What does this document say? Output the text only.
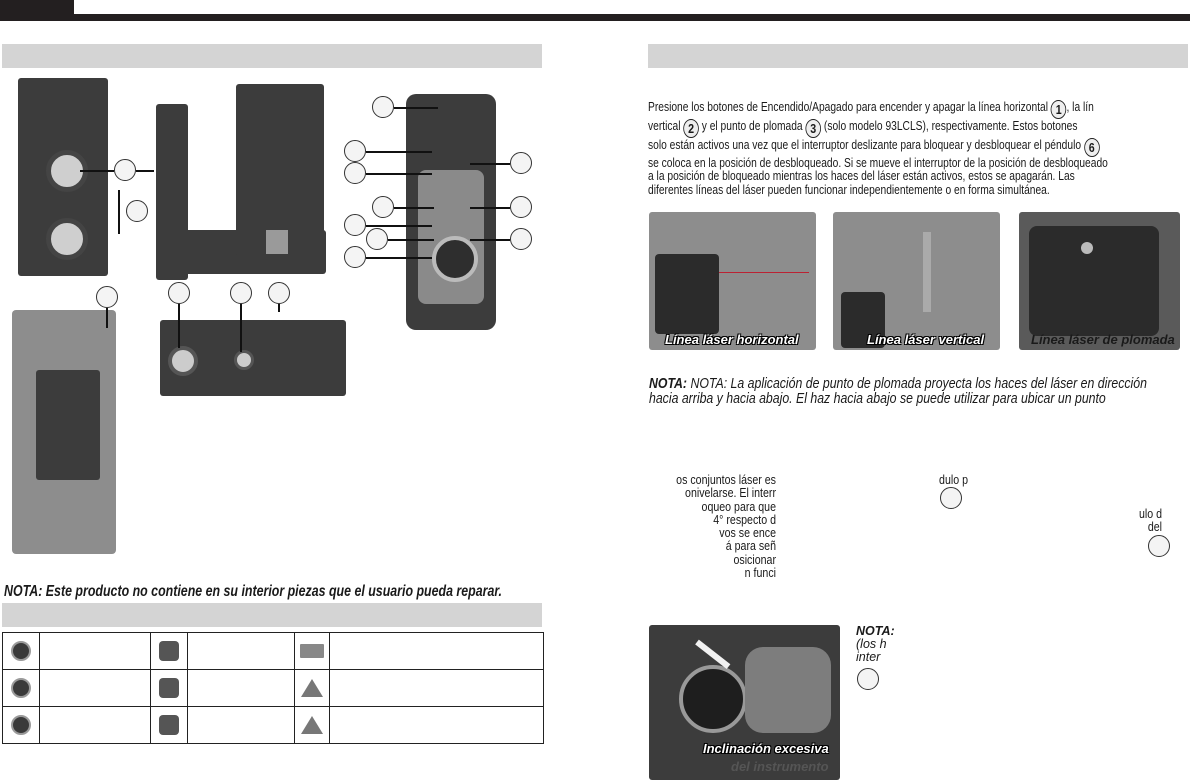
NOTA: Este producto no contiene en su interior piezas que el usuario pueda reparar.

Presione los botones de Encendido/Apagado para encender y apagar la línea horizontal 1 , la lín
vertical 2 y el punto de plomada 3 (solo modelo 93LCLS), respectivamente. Estos botones
solo están activos una vez que el interruptor deslizante para bloquear y desbloquear el péndulo 6
se coloca en la posición de desbloqueado. Si se mueve el interruptor de la posición de desbloqueado
a la posición de bloqueado mientras los haces del láser están activos, estos se apagarán. Las
diferentes líneas del láser pueden funcionar independientemente o en forma simultánea.
Línea láser horizontal	Línea láser vertical	Línea láser de plomada
NOTA: NOTA: La aplicación de punto de plomada proyecta los haces del láser en dirección
hacia arriba y hacia abajo. El haz hacia abajo se puede utilizar para ubicar un punto
os conjuntos láser es
onivelarse. El interr
oqueo para que
4° respecto d
vos se ence
á para señ
osicionar
n funci
dulo p
ulo d
del
Inclinación excesiva
del instrumento
NOTA:
(los h
inter
